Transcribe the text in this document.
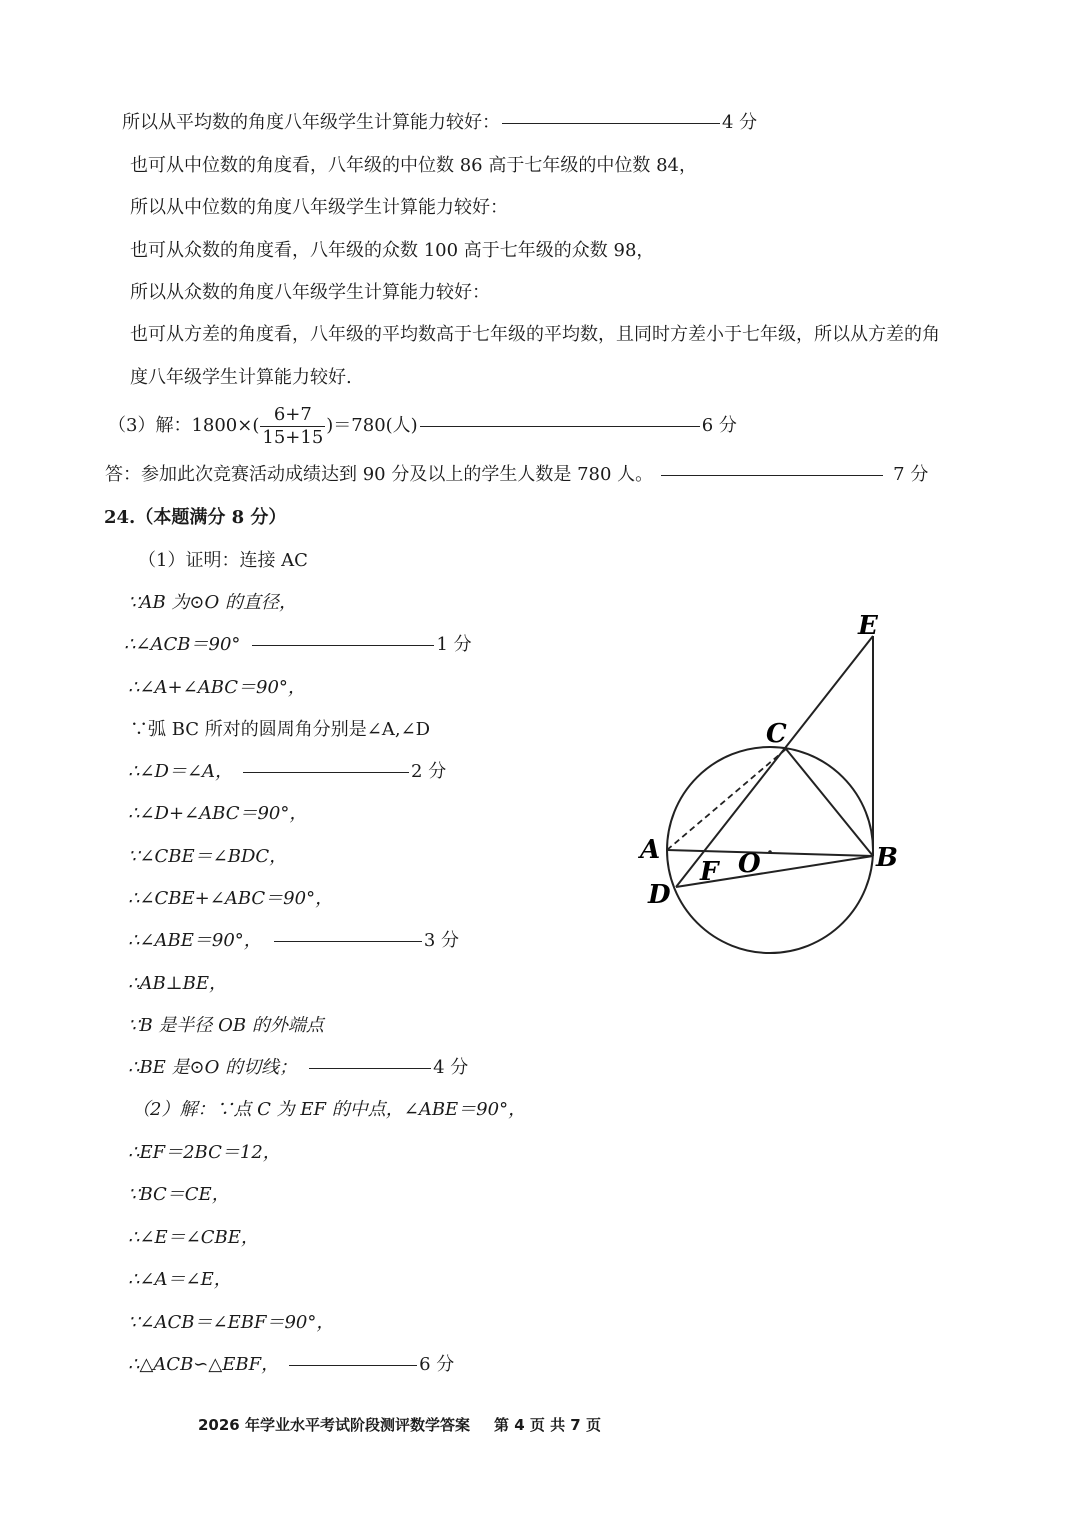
所以从平均数的角度八年级学生计算能力较好：	4 分
也可从中位数的角度看，八年级的中位数 86 高于七年级的中位数 84，
所以从中位数的角度八年级学生计算能力较好：
也可从众数的角度看，八年级的众数 100 高于七年级的众数 98，
所以从众数的角度八年级学生计算能力较好：
也可从方差的角度看，八年级的平均数高于七年级的平均数，且同时方差小于七年级，所以从方差的角
度八年级学生计算能力较好.
（3）解：$1800\times( \frac{6+7}{15+15} )=780$(人)	6 分
答：参加此次竞赛活动成绩达到 90 分及以上的学生人数是 780 人。	7 分
24.（本题满分 8 分）
（1）证明：连接 AC
∵AB 为⊙O 的直径，
∴∠ACB＝90°	1 分
∴∠A+∠ABC＝90°，
∵弧 BC 所对的圆周角分别是∠A,∠D
∴∠D＝∠A，	2 分
∴∠D+∠ABC＝90°，
∵∠CBE＝∠BDC，
∴∠CBE+∠ABC＝90°，
∴∠ABE＝90°，	3 分
∴AB⊥BE，
∵B 是半径 OB 的外端点
∴BE 是⊙O 的切线；	4 分
（2）解：∵点 C 为 EF 的中点，∠ABE＝90°，
∴EF＝2BC＝12，
∵BC＝CE，
∴∠E＝∠CBE，
∴∠A＝∠E，
∵∠ACB＝∠EBF＝90°，
∴△ACB∽△EBF，	6 分
E
C
A	B
O
F
D
2026 年学业水平考试阶段测评数学答案 第 4 页 共 7 页
